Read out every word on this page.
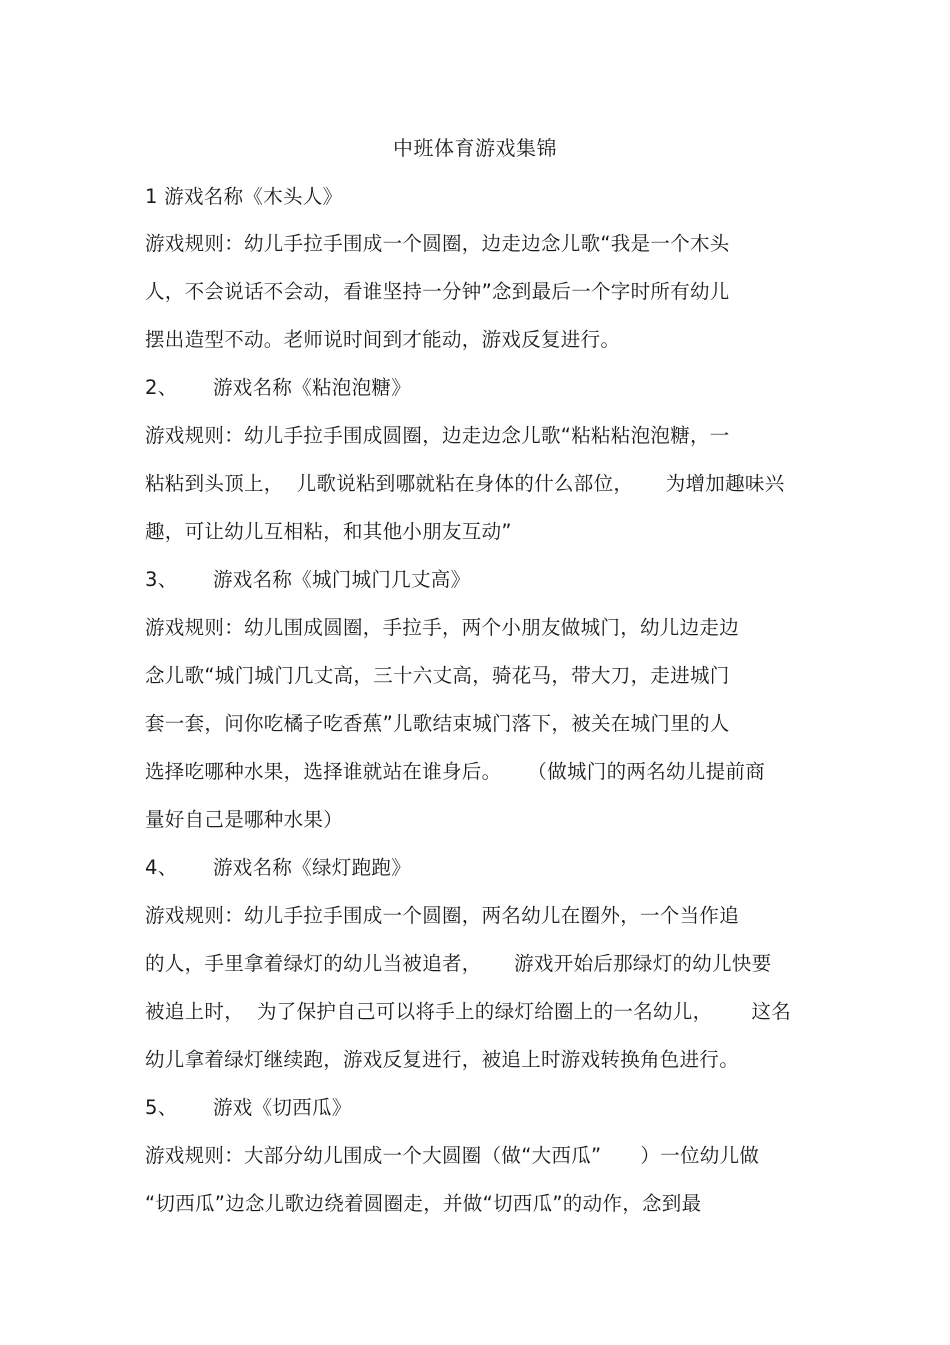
中班体育游戏集锦
1 游戏名称《木头人》
游戏规则：幼儿手拉手围成一个圆圈，边走边念儿歌“我是一个木头
人，不会说话不会动，看谁坚持一分钟”念到最后一个字时所有幼儿
摆出造型不动。老师说时间到才能动，游戏反复进行。
2、 游戏名称《粘泡泡糖》
游戏规则：幼儿手拉手围成圆圈，边走边念儿歌“粘粘粘泡泡糖，一
粘粘到头顶上，  儿歌说粘到哪就粘在身体的什么部位，     为增加趣味兴
趣，可让幼儿互相粘，和其他小朋友互动”
3、 游戏名称《城门城门几丈高》
游戏规则：幼儿围成圆圈，手拉手，两个小朋友做城门，幼儿边走边
念儿歌“城门城门几丈高，三十六丈高，骑花马，带大刀，走进城门
套一套，问你吃橘子吃香蕉”儿歌结束城门落下，被关在城门里的人
选择吃哪种水果，选择谁就站在谁身后。    （做城门的两名幼儿提前商
量好自己是哪种水果）
4、 游戏名称《绿灯跑跑》
游戏规则：幼儿手拉手围成一个圆圈，两名幼儿在圈外，一个当作追
的人，手里拿着绿灯的幼儿当被追者，     游戏开始后那绿灯的幼儿快要
被追上时，  为了保护自己可以将手上的绿灯给圈上的一名幼儿，      这名
幼儿拿着绿灯继续跑，游戏反复进行，被追上时游戏转换角色进行。
5、 游戏《切西瓜》
游戏规则：大部分幼儿围成一个大圆圈（做“大西瓜”      ）一位幼儿做
“切西瓜”边念儿歌边绕着圆圈走，并做“切西瓜”的动作，念到最
